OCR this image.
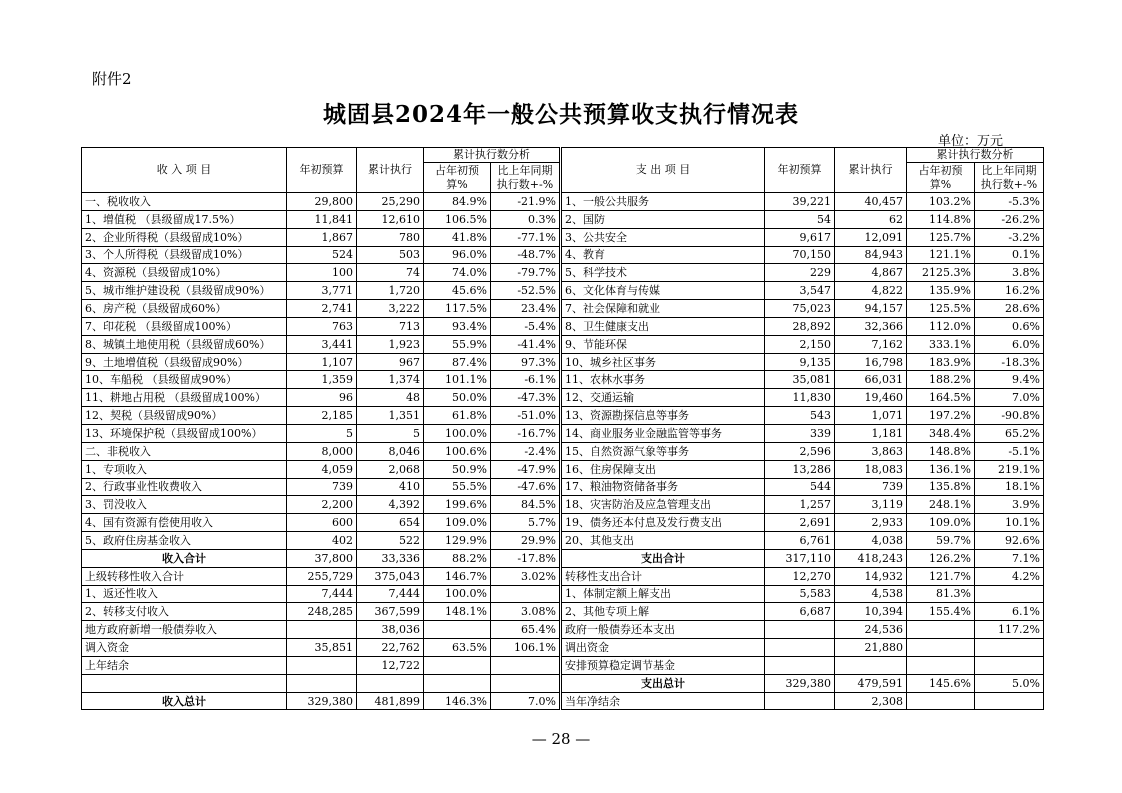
附件2
城固县2024年一般公共预算收支执行情况表
单位：万元
收 入 项 目	年初预算	累计执行	累计执行数分析		支 出 项 目	年初预算	累计执行	累计执行数分析	
			占年初预算%	比上年同期执行数+-%				占年初预算%	比上年同期执行数+-%
一、税收收入	29,800	25,290	84.9%	-21.9%	1、一般公共服务	39,221	40,457	103.2%	-5.3%
1、增值税 （县级留成17.5%）	11,841	12,610	106.5%	0.3%	2、国防	54	62	114.8%	-26.2%
2、企业所得税（县级留成10%）	1,867	780	41.8%	-77.1%	3、公共安全	9,617	12,091	125.7%	-3.2%
3、个人所得税（县级留成10%）	524	503	96.0%	-48.7%	4、教育	70,150	84,943	121.1%	0.1%
4、资源税（县级留成10%）	100	74	74.0%	-79.7%	5、科学技术	229	4,867	2125.3%	3.8%
5、城市维护建设税（县级留成90%）	3,771	1,720	45.6%	-52.5%	6、文化体育与传媒	3,547	4,822	135.9%	16.2%
6、房产税（县级留成60%）	2,741	3,222	117.5%	23.4%	7、社会保障和就业	75,023	94,157	125.5%	28.6%
7、印花税 （县级留成100%）	763	713	93.4%	-5.4%	8、卫生健康支出	28,892	32,366	112.0%	0.6%
8、城镇土地使用税（县级留成60%）	3,441	1,923	55.9%	-41.4%	9、节能环保	2,150	7,162	333.1%	6.0%
9、土地增值税（县级留成90%）	1,107	967	87.4%	97.3%	10、城乡社区事务	9,135	16,798	183.9%	-18.3%
10、车船税 （县级留成90%）	1,359	1,374	101.1%	-6.1%	11、农林水事务	35,081	66,031	188.2%	9.4%
11、耕地占用税 （县级留成100%）	96	48	50.0%	-47.3%	12、交通运输	11,830	19,460	164.5%	7.0%
12、契税（县级留成90%）	2,185	1,351	61.8%	-51.0%	13、资源勘探信息等事务	543	1,071	197.2%	-90.8%
13、环境保护税（县级留成100%）	5	5	100.0%	-16.7%	14、商业服务业金融监管等事务	339	1,181	348.4%	65.2%
二、非税收入	8,000	8,046	100.6%	-2.4%	15、自然资源气象等事务	2,596	3,863	148.8%	-5.1%
1、专项收入	4,059	2,068	50.9%	-47.9%	16、住房保障支出	13,286	18,083	136.1%	219.1%
2、行政事业性收费收入	739	410	55.5%	-47.6%	17、粮油物资储备事务	544	739	135.8%	18.1%
3、罚没收入	2,200	4,392	199.6%	84.5%	18、灾害防治及应急管理支出	1,257	3,119	248.1%	3.9%
4、国有资源有偿使用收入	600	654	109.0%	5.7%	19、债务还本付息及发行费支出	2,691	2,933	109.0%	10.1%
5、政府住房基金收入	402	522	129.9%	29.9%	20、其他支出	6,761	4,038	59.7%	92.6%
收入合计	37,800	33,336	88.2%	-17.8%	支出合计	317,110	418,243	126.2%	7.1%
上级转移性收入合计	255,729	375,043	146.7%	3.02%	转移性支出合计	12,270	14,932	121.7%	4.2%
1、返还性收入	7,444	7,444	100.0%		1、体制定额上解支出	5,583	4,538	81.3%	
2、转移支付收入	248,285	367,599	148.1%	3.08%	2、其他专项上解	6,687	10,394	155.4%	6.1%
地方政府新增一般债券收入		38,036		65.4%	政府一般债券还本支出		24,536		117.2%
调入资金	35,851	22,762	63.5%	106.1%	调出资金		21,880		
上年结余		12,722			安排预算稳定调节基金				
					支出总计	329,380	479,591	145.6%	5.0%
收入总计	329,380	481,899	146.3%	7.0%	当年净结余		2,308		
— 28 —
